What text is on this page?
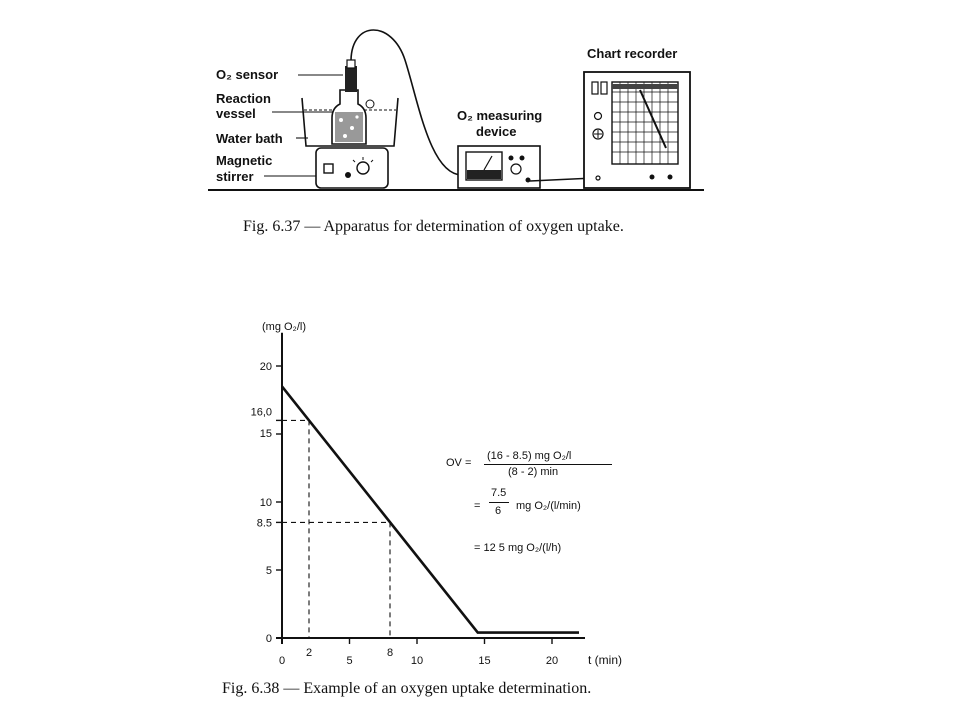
O₂ sensor
Reaction
vessel
Water bath
Magnetic
stirrer
O₂ measuring
device
Chart recorder
Fig. 6.37 — Apparatus for determination of oxygen uptake.
(mg O₂/l)
t (min)
0
2
5
8
10	15	20
0
5
8.5
10
15
16,0
20
OV =
(16 - 8.5) mg O₂/l
(8 - 2) min
=
7.5
6 mg O₂/(l/min)
= 12 5 mg O₂/(l/h)
Fig. 6.38 — Example of an oxygen uptake determination.
